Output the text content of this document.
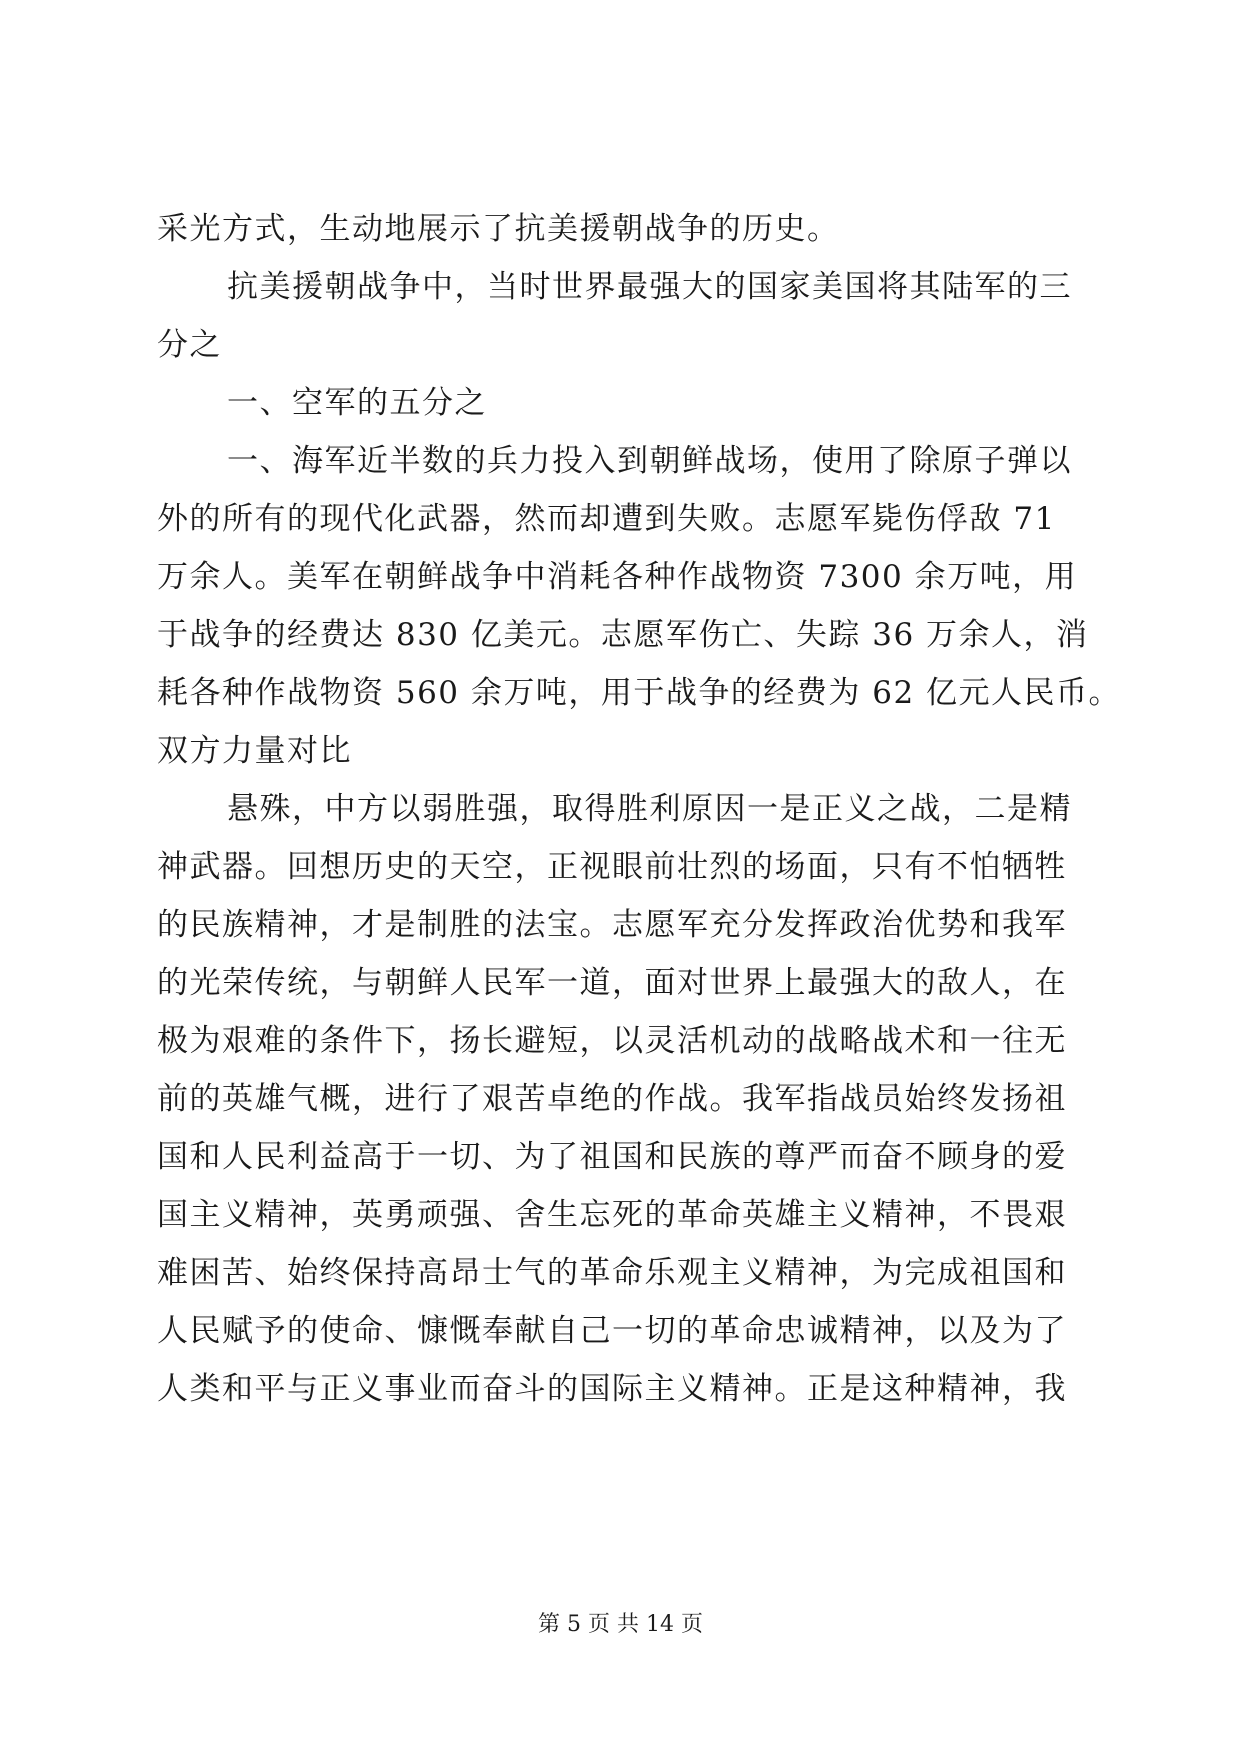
采光方式，生动地展示了抗美援朝战争的历史。
抗美援朝战争中，当时世界最强大的国家美国将其陆军的三
分之
一、空军的五分之
一、海军近半数的兵力投入到朝鲜战场，使用了除原子弹以
外的所有的现代化武器，然而却遭到失败。志愿军毙伤俘敌 71
万余人。美军在朝鲜战争中消耗各种作战物资 7300 余万吨，用
于战争的经费达 830 亿美元。志愿军伤亡、失踪 36 万余人，消
耗各种作战物资 560 余万吨，用于战争的经费为 62 亿元人民币。
双方力量对比
悬殊，中方以弱胜强，取得胜利原因一是正义之战，二是精
神武器。回想历史的天空，正视眼前壮烈的场面，只有不怕牺牲
的民族精神，才是制胜的法宝。志愿军充分发挥政治优势和我军
的光荣传统，与朝鲜人民军一道，面对世界上最强大的敌人，在
极为艰难的条件下，扬长避短，以灵活机动的战略战术和一往无
前的英雄气概，进行了艰苦卓绝的作战。我军指战员始终发扬祖
国和人民利益高于一切、为了祖国和民族的尊严而奋不顾身的爱
国主义精神，英勇顽强、舍生忘死的革命英雄主义精神，不畏艰
难困苦、始终保持高昂士气的革命乐观主义精神，为完成祖国和
人民赋予的使命、慷慨奉献自己一切的革命忠诚精神，以及为了
人类和平与正义事业而奋斗的国际主义精神。正是这种精神，我
第 5 页 共 14 页
